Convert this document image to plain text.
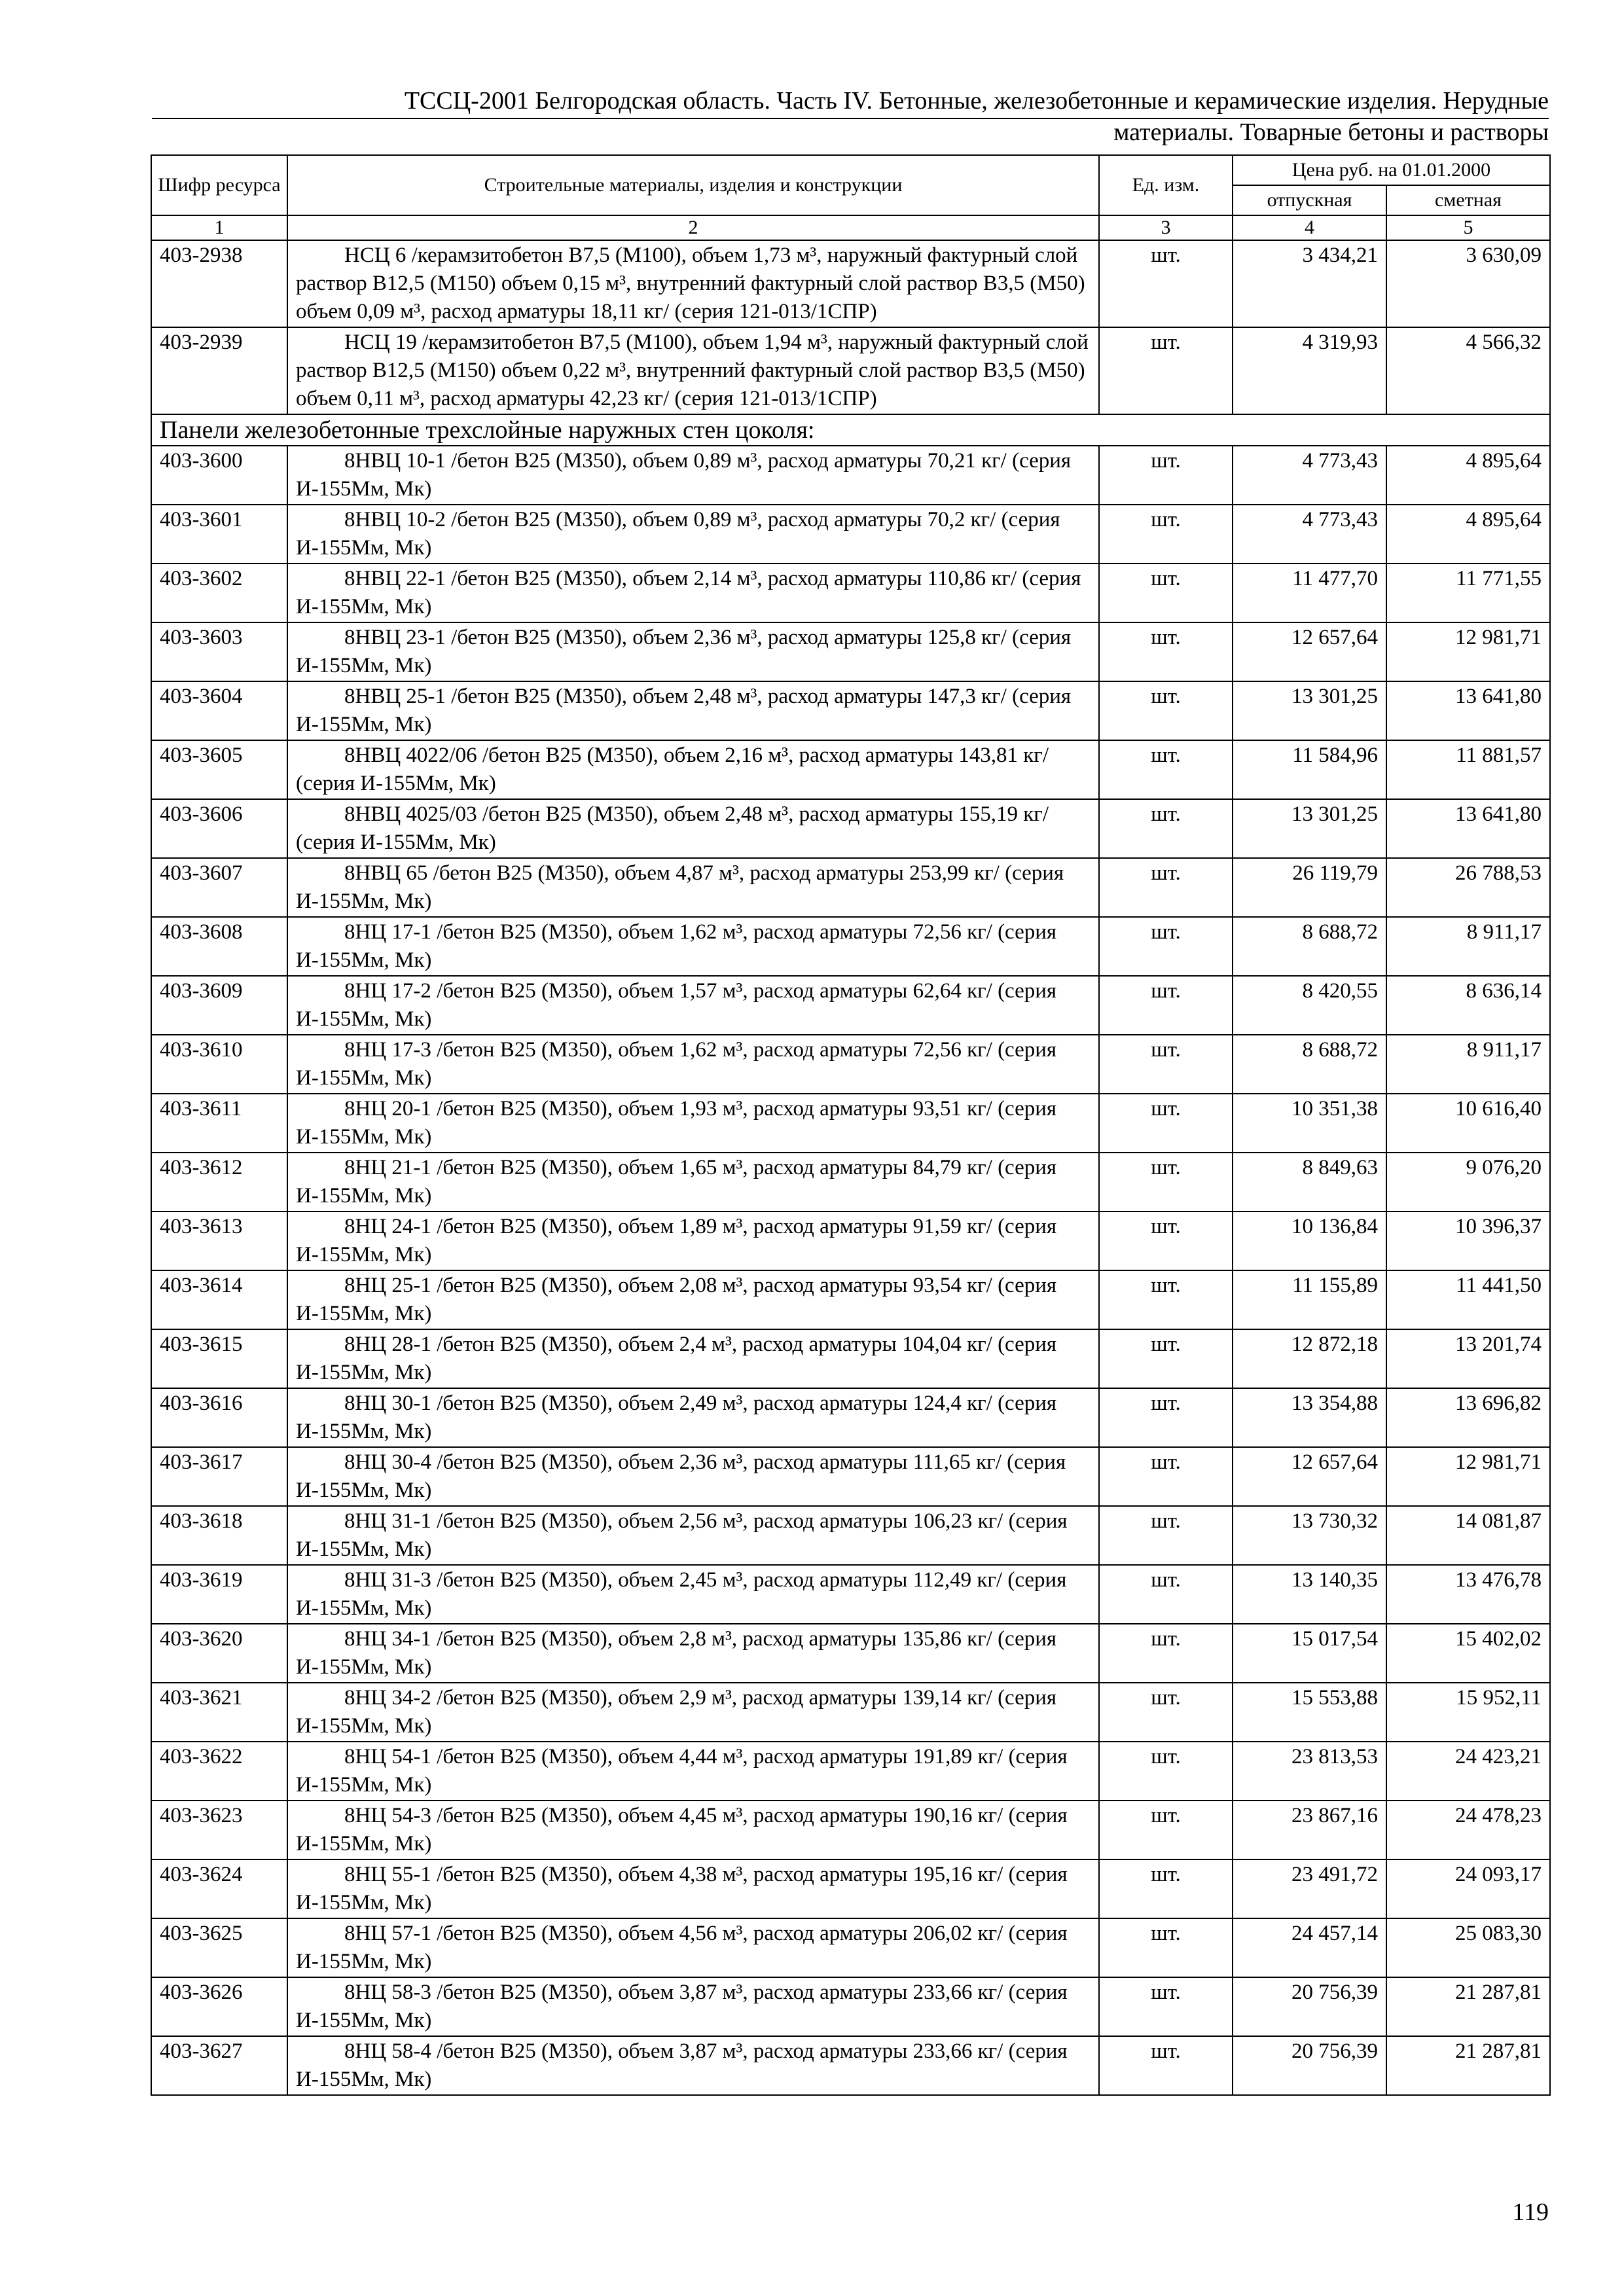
ТССЦ-2001 Белгородская область. Часть IV. Бетонные, железобетонные и керамические изделия. Нерудные
материалы. Товарные бетоны и растворы
Шифр ресурса	Строительные материалы, изделия и конструкции	Ед. изм.	Цена руб. на 01.01.2000	
			отпускная	сметная
1	2	3	4	5
403-2938	НСЦ 6 /керамзитобетон В7,5 (М100), объем 1,73 м³, наружный фактурный слой раствор В12,5 (М150) объем 0,15 м³, внутренний фактурный слой раствор В3,5 (М50) объем 0,09 м³, расход арматуры 18,11 кг/ (серия 121-013/1СПР)	шт.	3 434,21	3 630,09
403-2939	НСЦ 19 /керамзитобетон В7,5 (М100), объем 1,94 м³, наружный фактурный слой раствор В12,5 (М150) объем 0,22 м³, внутренний фактурный слой раствор В3,5 (М50) объем 0,11 м³, расход арматуры 42,23 кг/ (серия 121-013/1СПР)	шт.	4 319,93	4 566,32
Панели железобетонные трехслойные наружных стен цоколя:				
403-3600	8НВЦ 10-1 /бетон В25 (М350), объем 0,89 м³, расход арматуры 70,21 кг/ (серия И-155Мм, Мк)	шт.	4 773,43	4 895,64
403-3601	8НВЦ 10-2 /бетон В25 (М350), объем 0,89 м³, расход арматуры 70,2 кг/ (серия И-155Мм, Мк)	шт.	4 773,43	4 895,64
403-3602	8НВЦ 22-1 /бетон В25 (М350), объем 2,14 м³, расход арматуры 110,86 кг/ (серия И-155Мм, Мк)	шт.	11 477,70	11 771,55
403-3603	8НВЦ 23-1 /бетон В25 (М350), объем 2,36 м³, расход арматуры 125,8 кг/ (серия И-155Мм, Мк)	шт.	12 657,64	12 981,71
403-3604	8НВЦ 25-1 /бетон В25 (М350), объем 2,48 м³, расход арматуры 147,3 кг/ (серия И-155Мм, Мк)	шт.	13 301,25	13 641,80
403-3605	8НВЦ 4022/06 /бетон В25 (М350), объем 2,16 м³, расход арматуры 143,81 кг/ (серия И-155Мм, Мк)	шт.	11 584,96	11 881,57
403-3606	8НВЦ 4025/03 /бетон В25 (М350), объем 2,48 м³, расход арматуры 155,19 кг/ (серия И-155Мм, Мк)	шт.	13 301,25	13 641,80
403-3607	8НВЦ 65 /бетон В25 (М350), объем 4,87 м³, расход арматуры 253,99 кг/ (серия И-155Мм, Мк)	шт.	26 119,79	26 788,53
403-3608	8НЦ 17-1 /бетон В25 (М350), объем 1,62 м³, расход арматуры 72,56 кг/ (серия И-155Мм, Мк)	шт.	8 688,72	8 911,17
403-3609	8НЦ 17-2 /бетон В25 (М350), объем 1,57 м³, расход арматуры 62,64 кг/ (серия И-155Мм, Мк)	шт.	8 420,55	8 636,14
403-3610	8НЦ 17-3 /бетон В25 (М350), объем 1,62 м³, расход арматуры 72,56 кг/ (серия И-155Мм, Мк)	шт.	8 688,72	8 911,17
403-3611	8НЦ 20-1 /бетон В25 (М350), объем 1,93 м³, расход арматуры 93,51 кг/ (серия И-155Мм, Мк)	шт.	10 351,38	10 616,40
403-3612	8НЦ 21-1 /бетон В25 (М350), объем 1,65 м³, расход арматуры 84,79 кг/ (серия И-155Мм, Мк)	шт.	8 849,63	9 076,20
403-3613	8НЦ 24-1 /бетон В25 (М350), объем 1,89 м³, расход арматуры 91,59 кг/ (серия И-155Мм, Мк)	шт.	10 136,84	10 396,37
403-3614	8НЦ 25-1 /бетон В25 (М350), объем 2,08 м³, расход арматуры 93,54 кг/ (серия И-155Мм, Мк)	шт.	11 155,89	11 441,50
403-3615	8НЦ 28-1 /бетон В25 (М350), объем 2,4 м³, расход арматуры 104,04 кг/ (серия И-155Мм, Мк)	шт.	12 872,18	13 201,74
403-3616	8НЦ 30-1 /бетон В25 (М350), объем 2,49 м³, расход арматуры 124,4 кг/ (серия И-155Мм, Мк)	шт.	13 354,88	13 696,82
403-3617	8НЦ 30-4 /бетон В25 (М350), объем 2,36 м³, расход арматуры 111,65 кг/ (серия И-155Мм, Мк)	шт.	12 657,64	12 981,71
403-3618	8НЦ 31-1 /бетон В25 (М350), объем 2,56 м³, расход арматуры 106,23 кг/ (серия И-155Мм, Мк)	шт.	13 730,32	14 081,87
403-3619	8НЦ 31-3 /бетон В25 (М350), объем 2,45 м³, расход арматуры 112,49 кг/ (серия И-155Мм, Мк)	шт.	13 140,35	13 476,78
403-3620	8НЦ 34-1 /бетон В25 (М350), объем 2,8 м³, расход арматуры 135,86 кг/ (серия И-155Мм, Мк)	шт.	15 017,54	15 402,02
403-3621	8НЦ 34-2 /бетон В25 (М350), объем 2,9 м³, расход арматуры 139,14 кг/ (серия И-155Мм, Мк)	шт.	15 553,88	15 952,11
403-3622	8НЦ 54-1 /бетон В25 (М350), объем 4,44 м³, расход арматуры 191,89 кг/ (серия И-155Мм, Мк)	шт.	23 813,53	24 423,21
403-3623	8НЦ 54-3 /бетон В25 (М350), объем 4,45 м³, расход арматуры 190,16 кг/ (серия И-155Мм, Мк)	шт.	23 867,16	24 478,23
403-3624	8НЦ 55-1 /бетон В25 (М350), объем 4,38 м³, расход арматуры 195,16 кг/ (серия И-155Мм, Мк)	шт.	23 491,72	24 093,17
403-3625	8НЦ 57-1 /бетон В25 (М350), объем 4,56 м³, расход арматуры 206,02 кг/ (серия И-155Мм, Мк)	шт.	24 457,14	25 083,30
403-3626	8НЦ 58-3 /бетон В25 (М350), объем 3,87 м³, расход арматуры 233,66 кг/ (серия И-155Мм, Мк)	шт.	20 756,39	21 287,81
403-3627	8НЦ 58-4 /бетон В25 (М350), объем 3,87 м³, расход арматуры 233,66 кг/ (серия И-155Мм, Мк)	шт.	20 756,39	21 287,81
119
